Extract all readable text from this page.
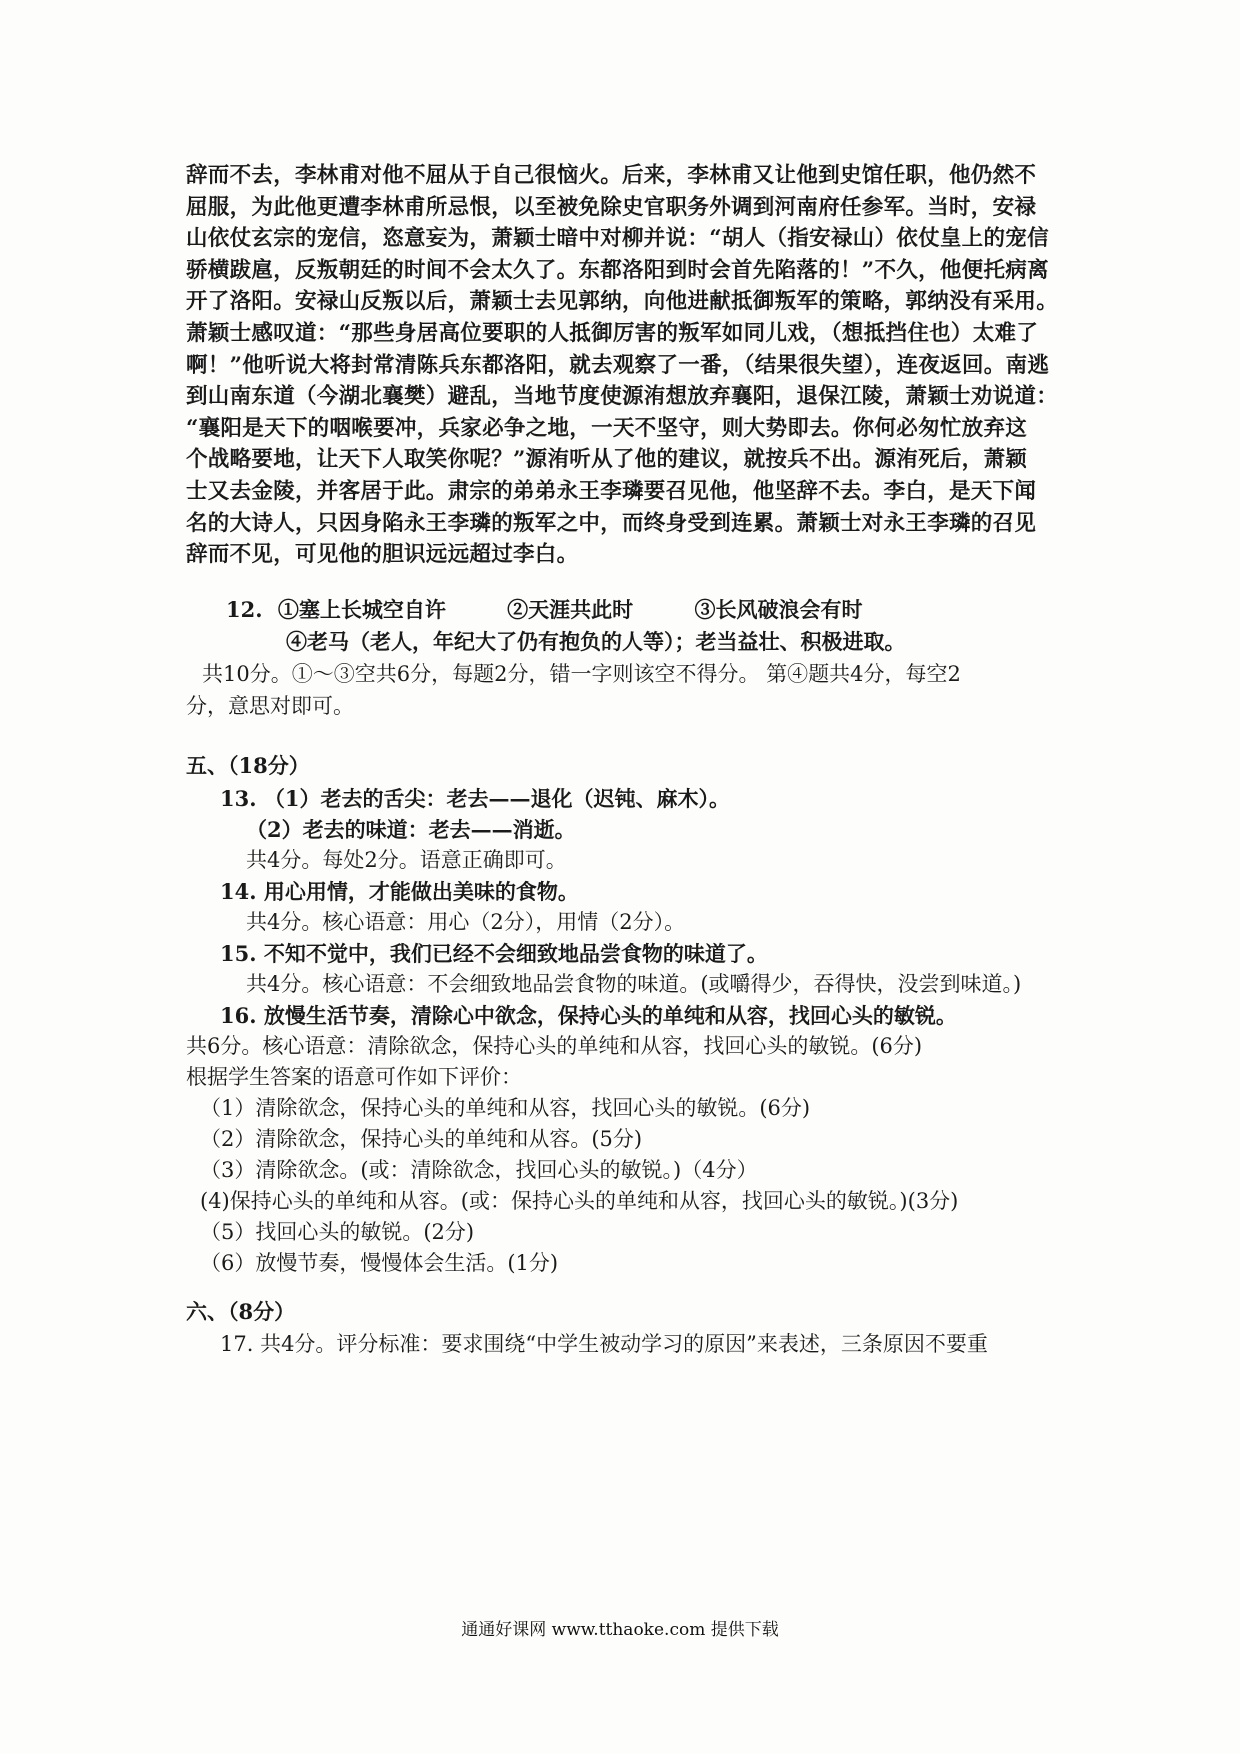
辞而不去，李林甫对他不屈从于自己很恼火。后来，李林甫又让他到史馆任职，他仍然不
屈服，为此他更遭李林甫所忌恨，以至被免除史官职务外调到河南府任参军。当时，安禄
山依仗玄宗的宠信，恣意妄为，萧颖士暗中对柳并说：“胡人（指安禄山）依仗皇上的宠信
骄横跋扈，反叛朝廷的时间不会太久了。东都洛阳到时会首先陷落的！”不久，他便托病离
开了洛阳。安禄山反叛以后，萧颖士去见郭纳，向他进献抵御叛军的策略，郭纳没有采用。
萧颖士感叹道：“那些身居高位要职的人抵御厉害的叛军如同儿戏，（想抵挡住也）太难了
啊！”他听说大将封常清陈兵东都洛阳，就去观察了一番，（结果很失望），连夜返回。南逃
到山南东道（今湖北襄樊）避乱，当地节度使源洧想放弃襄阳，退保江陵，萧颖士劝说道：
“襄阳是天下的咽喉要冲，兵家必争之地，一天不坚守，则大势即去。你何必匆忙放弃这
个战略要地，让天下人取笑你呢？”源洧听从了他的建议，就按兵不出。源洧死后，萧颖
士又去金陵，并客居于此。肃宗的弟弟永王李璘要召见他，他坚辞不去。李白，是天下闻
名的大诗人，只因身陷永王李璘的叛军之中，而终身受到连累。萧颖士对永王李璘的召见
辞而不见，可见他的胆识远远超过李白。
12. ①塞上长城空自许	②天涯共此时	③长风破浪会有时
④老马（老人，年纪大了仍有抱负的人等）；老当益壮、积极进取。
共10分。①～③空共6分，每题2分，错一字则该空不得分。 第④题共4分，每空2
分，意思对即可。
五、（18分）
13. （1）老去的舌尖：老去——退化（迟钝、麻木）。
（2）老去的味道：老去——消逝。
共4分。每处2分。语意正确即可。
14. 用心用情，才能做出美味的食物。
共4分。核心语意：用心（2分），用情（2分）。
15. 不知不觉中，我们已经不会细致地品尝食物的味道了。
共4分。核心语意：不会细致地品尝食物的味道。(或嚼得少，吞得快，没尝到味道。)
16. 放慢生活节奏，清除心中欲念，保持心头的单纯和从容，找回心头的敏锐。
共6分。核心语意：清除欲念，保持心头的单纯和从容，找回心头的敏锐。(6分)
根据学生答案的语意可作如下评价：
（1）清除欲念，保持心头的单纯和从容，找回心头的敏锐。(6分)
（2）清除欲念，保持心头的单纯和从容。(5分)
（3）清除欲念。(或：清除欲念，找回心头的敏锐。)（4分）
(4)保持心头的单纯和从容。(或：保持心头的单纯和从容，找回心头的敏锐。)(3分)
（5）找回心头的敏锐。(2分)
（6）放慢节奏，慢慢体会生活。(1分)
六、（8分）
17. 共4分。评分标准：要求围绕“中学生被动学习的原因”来表述，三条原因不要重
通通好课网 www.tthaoke.com 提供下载
